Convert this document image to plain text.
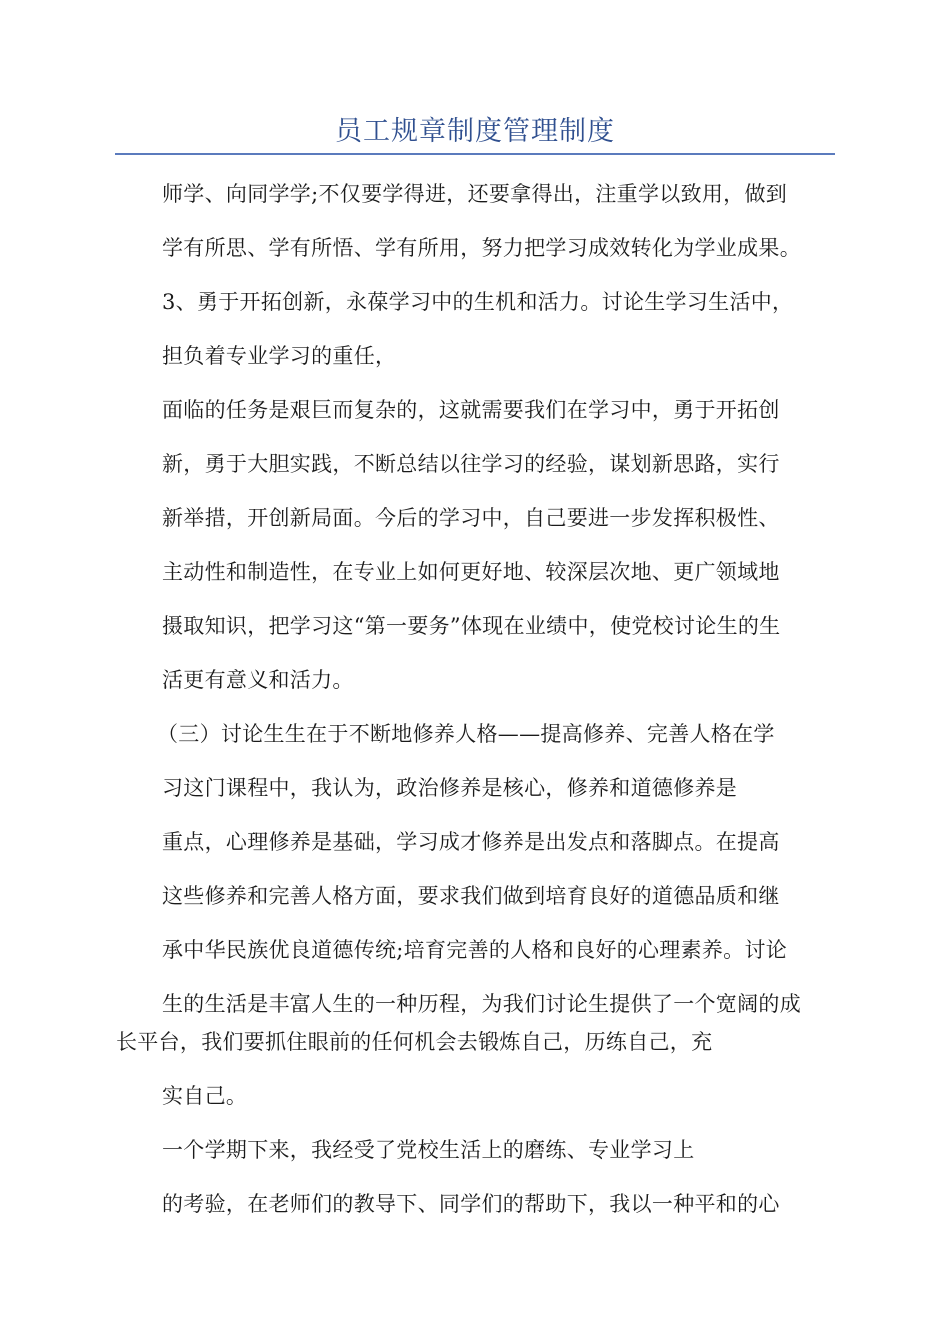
员工规章制度管理制度
师学、向同学学;不仅要学得进，还要拿得出，注重学以致用，做到
学有所思、学有所悟、学有所用，努力把学习成效转化为学业成果。
3、勇于开拓创新，永葆学习中的生机和活力。讨论生学习生活中，
担负着专业学习的重任，
面临的任务是艰巨而复杂的，这就需要我们在学习中，勇于开拓创
新，勇于大胆实践，不断总结以往学习的经验，谋划新思路，实行
新举措，开创新局面。今后的学习中，自己要进一步发挥积极性、
主动性和制造性，在专业上如何更好地、较深层次地、更广领域地
摄取知识，把学习这“第一要务”体现在业绩中，使党校讨论生的生
活更有意义和活力。
（三）讨论生生在于不断地修养人格——提高修养、完善人格在学
习这门课程中，我认为，政治修养是核心，修养和道德修养是
重点，心理修养是基础，学习成才修养是出发点和落脚点。在提高
这些修养和完善人格方面，要求我们做到培育良好的道德品质和继
承中华民族优良道德传统;培育完善的人格和良好的心理素养。讨论
生的生活是丰富人生的一种历程，为我们讨论生提供了一个宽阔的成
长平台，我们要抓住眼前的任何机会去锻炼自己，历练自己，充
实自己。
一个学期下来，我经受了党校生活上的磨练、专业学习上
的考验，在老师们的教导下、同学们的帮助下，我以一种平和的心
